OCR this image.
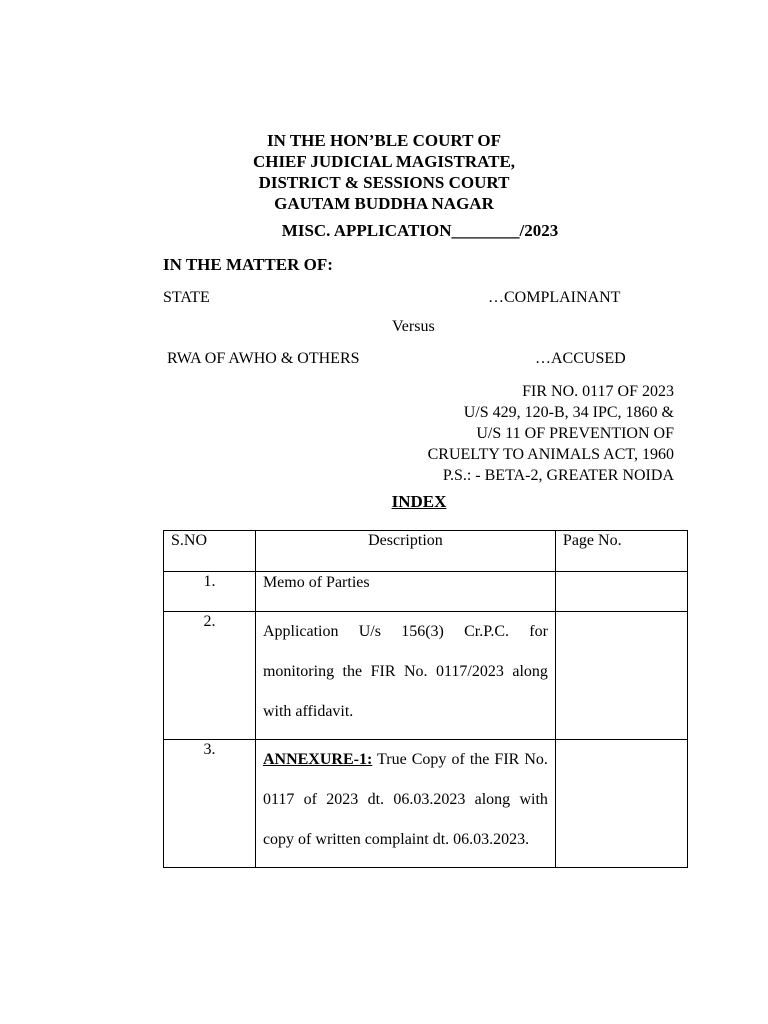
IN THE HON’BLE COURT OF
CHIEF JUDICIAL MAGISTRATE,
DISTRICT & SESSIONS COURT
GAUTAM BUDDHA NAGAR
MISC. APPLICATION________/2023
IN THE MATTER OF:
STATE	…COMPLAINANT
Versus
RWA OF AWHO & OTHERS	…ACCUSED
FIR NO. 0117 OF 2023
U/S 429, 120-B, 34 IPC, 1860 &
U/S 11 OF PREVENTION OF
CRUELTY TO ANIMALS ACT, 1960
P.S.: - BETA-2, GREATER NOIDA
INDEX
S.NO	Description	Page No.
1.	Memo of Parties	
2.	Application U/s 156(3) Cr.P.C. for monitoring the FIR No. 0117/2023 along with affidavit.	
3.	ANNEXURE-1: True Copy of the FIR No. 0117 of 2023 dt. 06.03.2023 along with copy of written complaint dt. 06.03.2023.	
